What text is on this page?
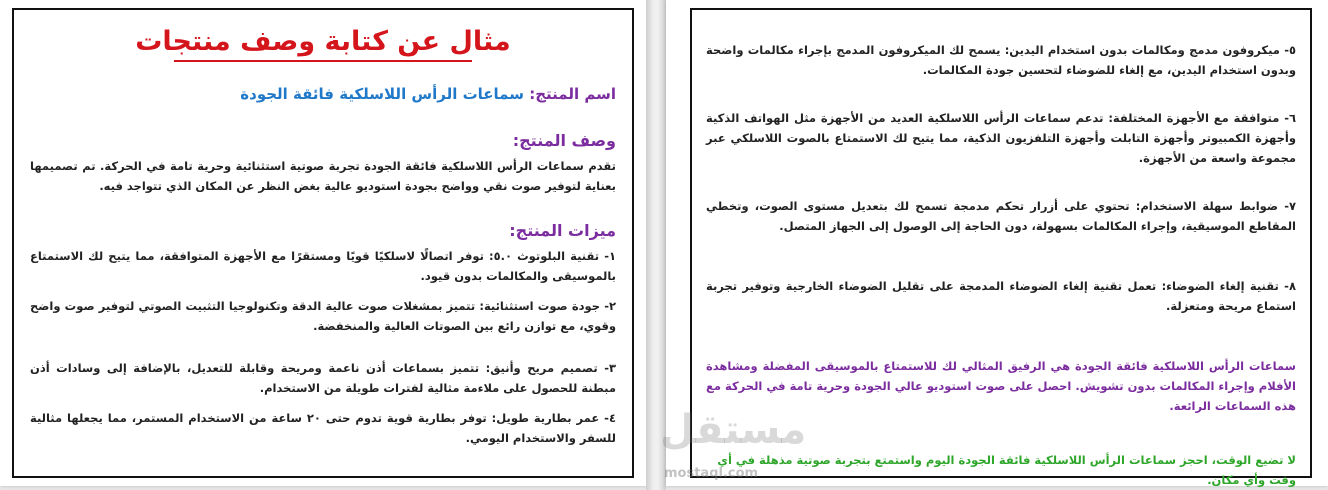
مثال عن كتابة وصف منتجات

اسم المنتج: سماعات الرأس اللاسلكية فائقة الجودة

وصف المنتج:

تقدم سماعات الرأس اللاسلكية فائقة الجودة تجربة صوتية استثنائية وحرية تامة في الحركة. تم تصميمها بعناية لتوفير صوت نقي وواضح بجودة استوديو عالية بغض النظر عن المكان الذي تتواجد فيه.

ميزات المنتج:

١- تقنية البلوتوث ٥.٠: توفر اتصالًا لاسلكيًا قويًا ومستقرًا مع الأجهزة المتوافقة، مما يتيح لك الاستمتاع بالموسيقى والمكالمات بدون قيود.

٢- جودة صوت استثنائية: تتميز بمشغلات صوت عالية الدقة وتكنولوجيا التثبيت الصوتي لتوفير صوت واضح وقوي، مع توازن رائع بين الصوتات العالية والمنخفضة.

٣- تصميم مريح وأنيق: تتميز بسماعات أذن ناعمة ومريحة وقابلة للتعديل، بالإضافة إلى وسادات أذن مبطنة للحصول على ملاءمة مثالية لفترات طويلة من الاستخدام.

٤- عمر بطارية طويل: توفر بطارية قوية تدوم حتى ٢٠ ساعة من الاستخدام المستمر، مما يجعلها مثالية للسفر والاستخدام اليومي.

٥- ميكروفون مدمج ومكالمات بدون استخدام اليدين: يسمح لك الميكروفون المدمج بإجراء مكالمات واضحة وبدون استخدام اليدين، مع إلغاء للضوضاء لتحسين جودة المكالمات.

٦- متوافقة مع الأجهزة المختلفة: تدعم سماعات الرأس اللاسلكية العديد من الأجهزة مثل الهواتف الذكية وأجهزة الكمبيوتر وأجهزة التابلت وأجهزة التلفزيون الذكية، مما يتيح لك الاستمتاع بالصوت اللاسلكي عبر مجموعة واسعة من الأجهزة.

٧- ضوابط سهلة الاستخدام: تحتوي على أزرار تحكم مدمجة تسمح لك بتعديل مستوى الصوت، وتخطي المقاطع الموسيقية، وإجراء المكالمات بسهولة، دون الحاجة إلى الوصول إلى الجهاز المتصل.

٨- تقنية إلغاء الضوضاء: تعمل تقنية إلغاء الضوضاء المدمجة على تقليل الضوضاء الخارجية وتوفير تجربة استماع مريحة ومتعزلة.

سماعات الرأس اللاسلكية فائقة الجودة هي الرفيق المثالي لك للاستمتاع بالموسيقى المفضلة ومشاهدة الأفلام وإجراء المكالمات بدون تشويش. احصل على صوت استوديو عالي الجودة وحرية تامة في الحركة مع هذه السماعات الرائعة.

لا تضيع الوقت، احجز سماعات الرأس اللاسلكية فائقة الجودة اليوم واستمتع بتجربة صوتية مذهلة في أي وقت وأي مكان.

مستقل
mostaql.com
